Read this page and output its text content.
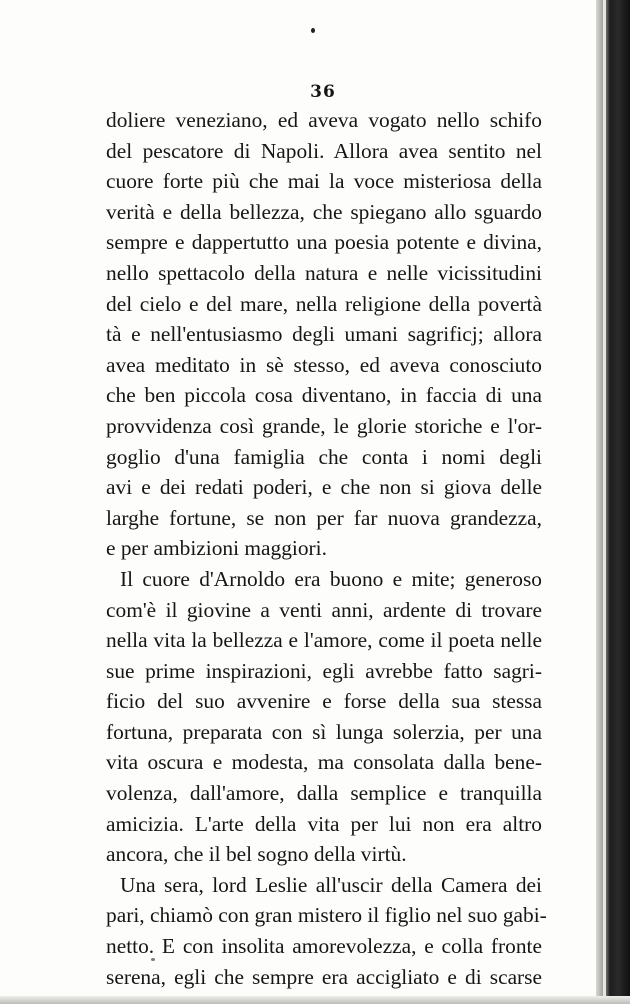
36
doliere veneziano, ed aveva vogato nello schifo
del pescatore di Napoli. Allora avea sentito nel
cuore forte più che mai la voce misteriosa della
verità e della bellezza, che spiegano allo sguardo
sempre e dappertutto una poesia potente e divina,
nello spettacolo della natura e nelle vicissitudini
del cielo e del mare, nella religione della povertà
tà e nell'entusiasmo degli umani sagrificj; allora
avea meditato in sè stesso, ed aveva conosciuto
che ben piccola cosa diventano, in faccia di una
provvidenza così grande, le glorie storiche e l'or-
goglio d'una famiglia che conta i nomi degli
avi e dei redati poderi, e che non si giova delle
larghe fortune, se non per far nuova grandezza,
e per ambizioni maggiori.
Il cuore d'Arnoldo era buono e mite; generoso
com'è il giovine a venti anni, ardente di trovare
nella vita la bellezza e l'amore, come il poeta nelle
sue prime inspirazioni, egli avrebbe fatto sagri-
ficio del suo avvenire e forse della sua stessa
fortuna, preparata con sì lunga solerzia, per una
vita oscura e modesta, ma consolata dalla bene-
volenza, dall'amore, dalla semplice e tranquilla
amicizia. L'arte della vita per lui non era altro
ancora, che il bel sogno della virtù.
Una sera, lord Leslie all'uscir della Camera dei
pari, chiamò con gran mistero il figlio nel suo gabi-
netto. E con insolita amorevolezza, e colla fronte
serena, egli che sempre era accigliato e di scarse
